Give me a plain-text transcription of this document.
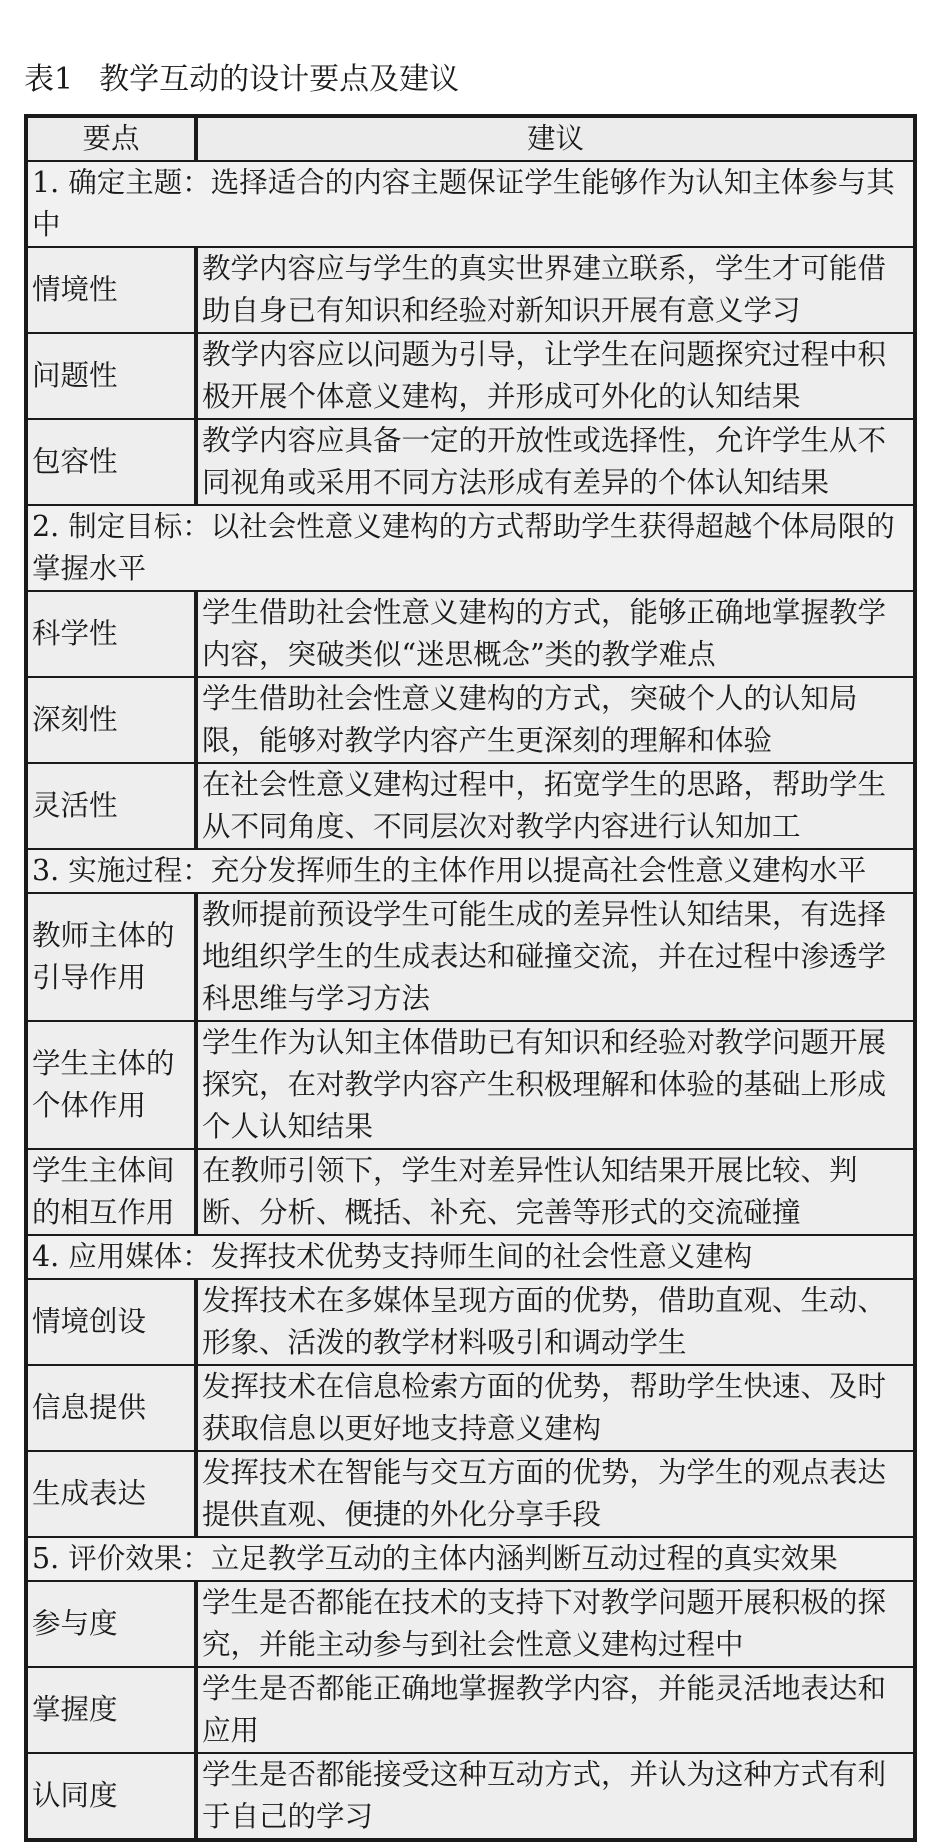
表1 教学互动的设计要点及建议
要点	建议

1. 确定主题：选择适合的内容主题保证学生能够作为认知主体参与其中	

情境性	教学内容应与学生的真实世界建立联系，学生才可能借助自身已有知识和经验对新知识开展有意义学习

问题性	教学内容应以问题为引导，让学生在问题探究过程中积极开展个体意义建构，并形成可外化的认知结果

包容性	教学内容应具备一定的开放性或选择性，允许学生从不同视角或采用不同方法形成有差异的个体认知结果

2. 制定目标：以社会性意义建构的方式帮助学生获得超越个体局限的掌握水平	

科学性	学生借助社会性意义建构的方式，能够正确地掌握教学内容，突破类似“迷思概念”类的教学难点

深刻性	学生借助社会性意义建构的方式，突破个人的认知局限，能够对教学内容产生更深刻的理解和体验

灵活性	在社会性意义建构过程中，拓宽学生的思路，帮助学生从不同角度、不同层次对教学内容进行认知加工

3. 实施过程：充分发挥师生的主体作用以提高社会性意义建构水平	

教师主体的引导作用	教师提前预设学生可能生成的差异性认知结果，有选择地组织学生的生成表达和碰撞交流，并在过程中渗透学科思维与学习方法

学生主体的个体作用	学生作为认知主体借助已有知识和经验对教学问题开展探究，在对教学内容产生积极理解和体验的基础上形成个人认知结果

学生主体间的相互作用	在教师引领下，学生对差异性认知结果开展比较、判断、分析、概括、补充、完善等形式的交流碰撞

4. 应用媒体：发挥技术优势支持师生间的社会性意义建构	

情境创设	发挥技术在多媒体呈现方面的优势，借助直观、生动、形象、活泼的教学材料吸引和调动学生

信息提供	发挥技术在信息检索方面的优势，帮助学生快速、及时获取信息以更好地支持意义建构

生成表达	发挥技术在智能与交互方面的优势，为学生的观点表达提供直观、便捷的外化分享手段

5. 评价效果：立足教学互动的主体内涵判断互动过程的真实效果	

参与度	学生是否都能在技术的支持下对教学问题开展积极的探究，并能主动参与到社会性意义建构过程中

掌握度	学生是否都能正确地掌握教学内容，并能灵活地表达和应用

认同度	学生是否都能接受这种互动方式，并认为这种方式有利于自己的学习
